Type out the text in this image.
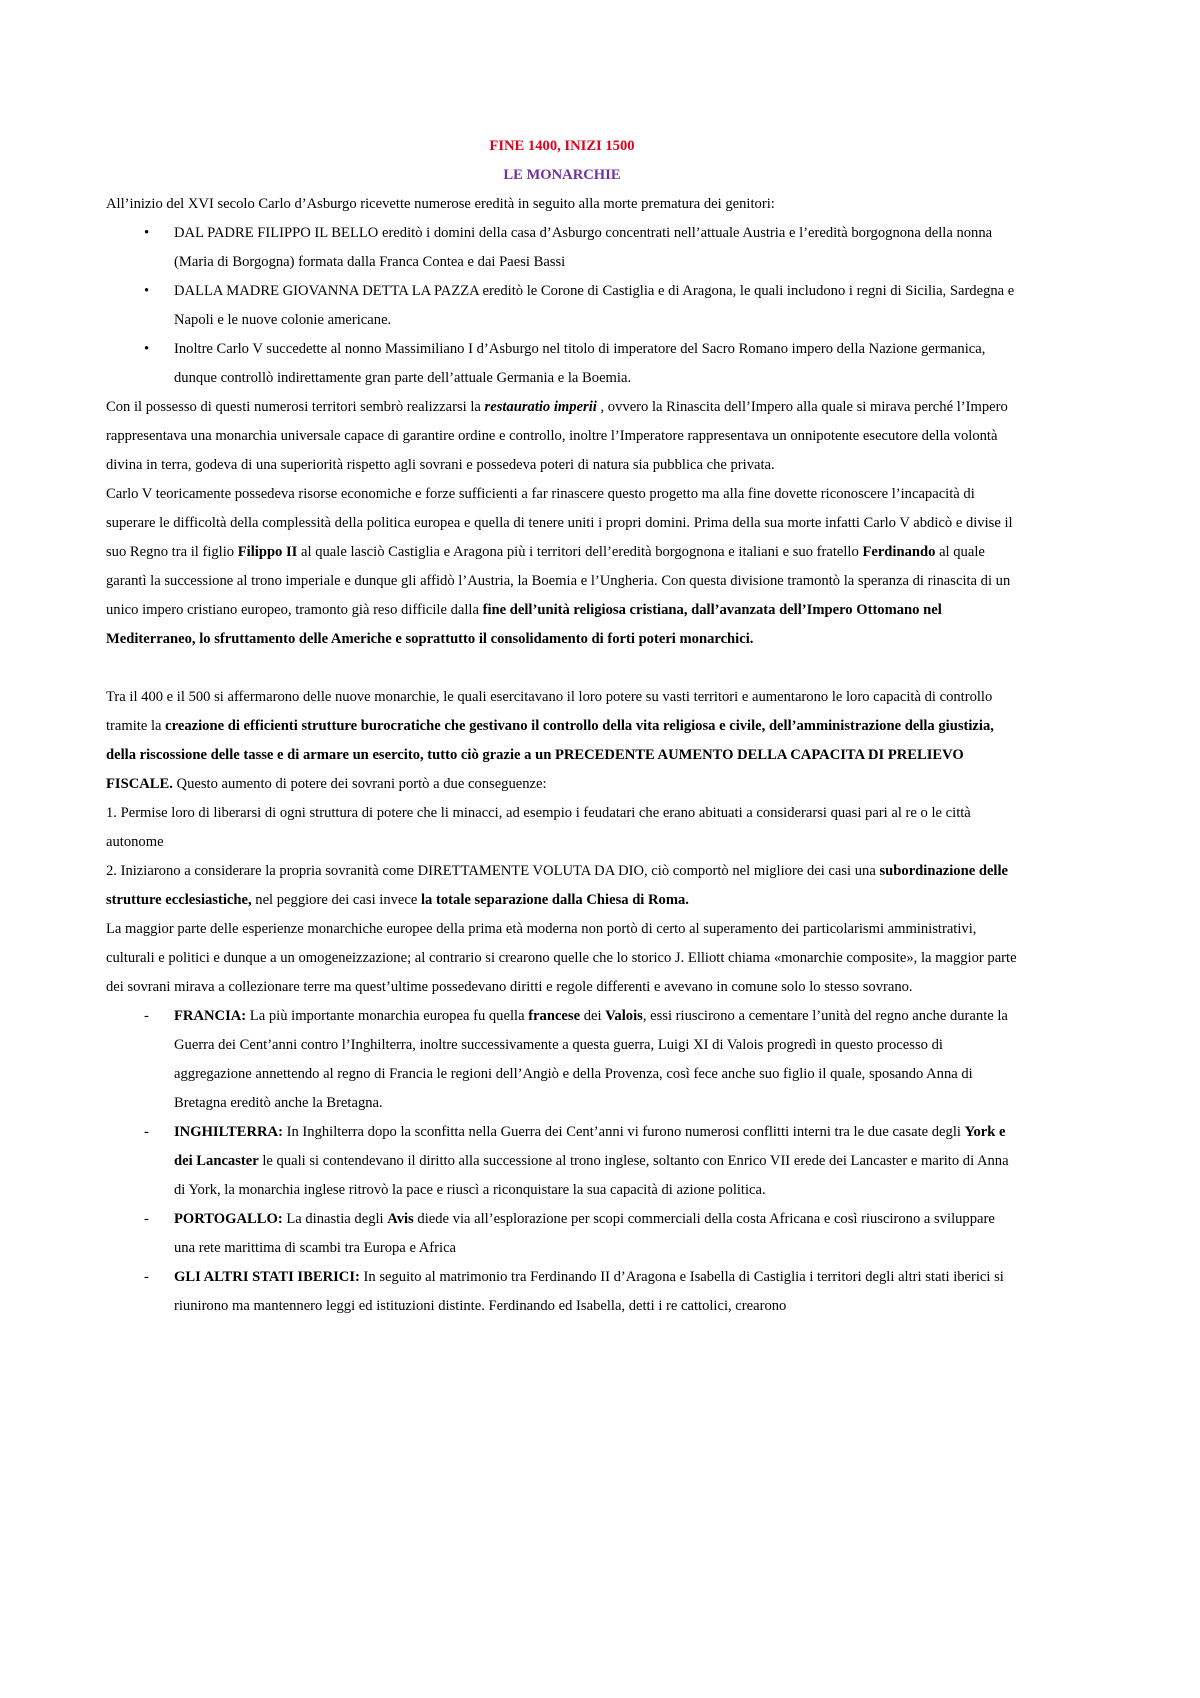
FINE 1400, INIZI 1500
LE MONARCHIE

All’inizio del XVI secolo Carlo d’Asburgo ricevette numerose eredità in seguito alla morte prematura dei genitori:

• DAL PADRE FILIPPO IL BELLO ereditò i domini della casa d’Asburgo concentrati nell’attuale Austria e l’eredità borgognona della nonna (Maria di Borgogna) formata dalla Franca Contea e dai Paesi Bassi
• DALLA MADRE GIOVANNA DETTA LA PAZZA ereditò le Corone di Castiglia e di Aragona, le quali includono i regni di Sicilia, Sardegna e Napoli e le nuove colonie americane.
• Inoltre Carlo V succedette al nonno Massimiliano I d’Asburgo nel titolo di imperatore del Sacro Romano impero della Nazione germanica, dunque controllò indirettamente gran parte dell’attuale Germania e la Boemia.

Con il possesso di questi numerosi territori sembrò realizzarsi la restauratio imperii , ovvero la Rinascita dell’Impero alla quale si mirava perché l’Impero rappresentava una monarchia universale capace di garantire ordine e controllo, inoltre l’Imperatore rappresentava un onnipotente esecutore della volontà divina in terra, godeva di una superiorità rispetto agli sovrani e possedeva poteri di natura sia pubblica che privata.

Carlo V teoricamente possedeva risorse economiche e forze sufficienti a far rinascere questo progetto ma alla fine dovette riconoscere l’incapacità di superare le difficoltà della complessità della politica europea e quella di tenere uniti i propri domini. Prima della sua morte infatti Carlo V abdicò e divise il suo Regno tra il figlio Filippo II al quale lasciò Castiglia e Aragona più i territori dell’eredità borgognona e italiani e suo fratello Ferdinando al quale garantì la successione al trono imperiale e dunque gli affidò l’Austria, la Boemia e l’Ungheria. Con questa divisione tramontò la speranza di rinascita di un unico impero cristiano europeo, tramonto già reso difficile dalla fine dell’unità religiosa cristiana, dall’avanzata dell’Impero Ottomano nel Mediterraneo, lo sfruttamento delle Americhe e soprattutto il consolidamento di forti poteri monarchici.

Tra il 400 e il 500 si affermarono delle nuove monarchie, le quali esercitavano il loro potere su vasti territori e aumentarono le loro capacità di controllo tramite la creazione di efficienti strutture burocratiche che gestivano il controllo della vita religiosa e civile, dell’amministrazione della giustizia, della riscossione delle tasse e di armare un esercito, tutto ciò grazie a un PRECEDENTE AUMENTO DELLA CAPACITA DI PRELIEVO FISCALE. Questo aumento di potere dei sovrani portò a due conseguenze:

1. Permise loro di liberarsi di ogni struttura di potere che li minacci, ad esempio i feudatari che erano abituati a considerarsi quasi pari al re o le città autonome

2. Iniziarono a considerare la propria sovranità come DIRETTAMENTE VOLUTA DA DIO, ciò comportò nel migliore dei casi una subordinazione delle strutture ecclesiastiche, nel peggiore dei casi invece la totale separazione dalla Chiesa di Roma.

La maggior parte delle esperienze monarchiche europee della prima età moderna non portò di certo al superamento dei particolarismi amministrativi, culturali e politici e dunque a un omogeneizzazione; al contrario si crearono quelle che lo storico J. Elliott chiama «monarchie composite», la maggior parte dei sovrani mirava a collezionare terre ma quest’ultime possedevano diritti e regole differenti e avevano in comune solo lo stesso sovrano.

- FRANCIA: La più importante monarchia europea fu quella francese dei Valois, essi riuscirono a cementare l’unità del regno anche durante la Guerra dei Cent’anni contro l’Inghilterra, inoltre successivamente a questa guerra, Luigi XI di Valois progredì in questo processo di aggregazione annettendo al regno di Francia le regioni dell’Angiò e della Provenza, così fece anche suo figlio il quale, sposando Anna di Bretagna ereditò anche la Bretagna.
- INGHILTERRA: In Inghilterra dopo la sconfitta nella Guerra dei Cent’anni vi furono numerosi conflitti interni tra le due casate degli York e dei Lancaster le quali si contendevano il diritto alla successione al trono inglese, soltanto con Enrico VII erede dei Lancaster e marito di Anna di York, la monarchia inglese ritrovò la pace e riuscì a riconquistare la sua capacità di azione politica.
- PORTOGALLO: La dinastia degli Avis diede via all’esplorazione per scopi commerciali della costa Africana e così riuscirono a sviluppare una rete marittima di scambi tra Europa e Africa
- GLI ALTRI STATI IBERICI: In seguito al matrimonio tra Ferdinando II d’Aragona e Isabella di Castiglia i territori degli altri stati iberici si riunirono ma mantennero leggi ed istituzioni distinte. Ferdinando ed Isabella, detti i re cattolici, crearono
